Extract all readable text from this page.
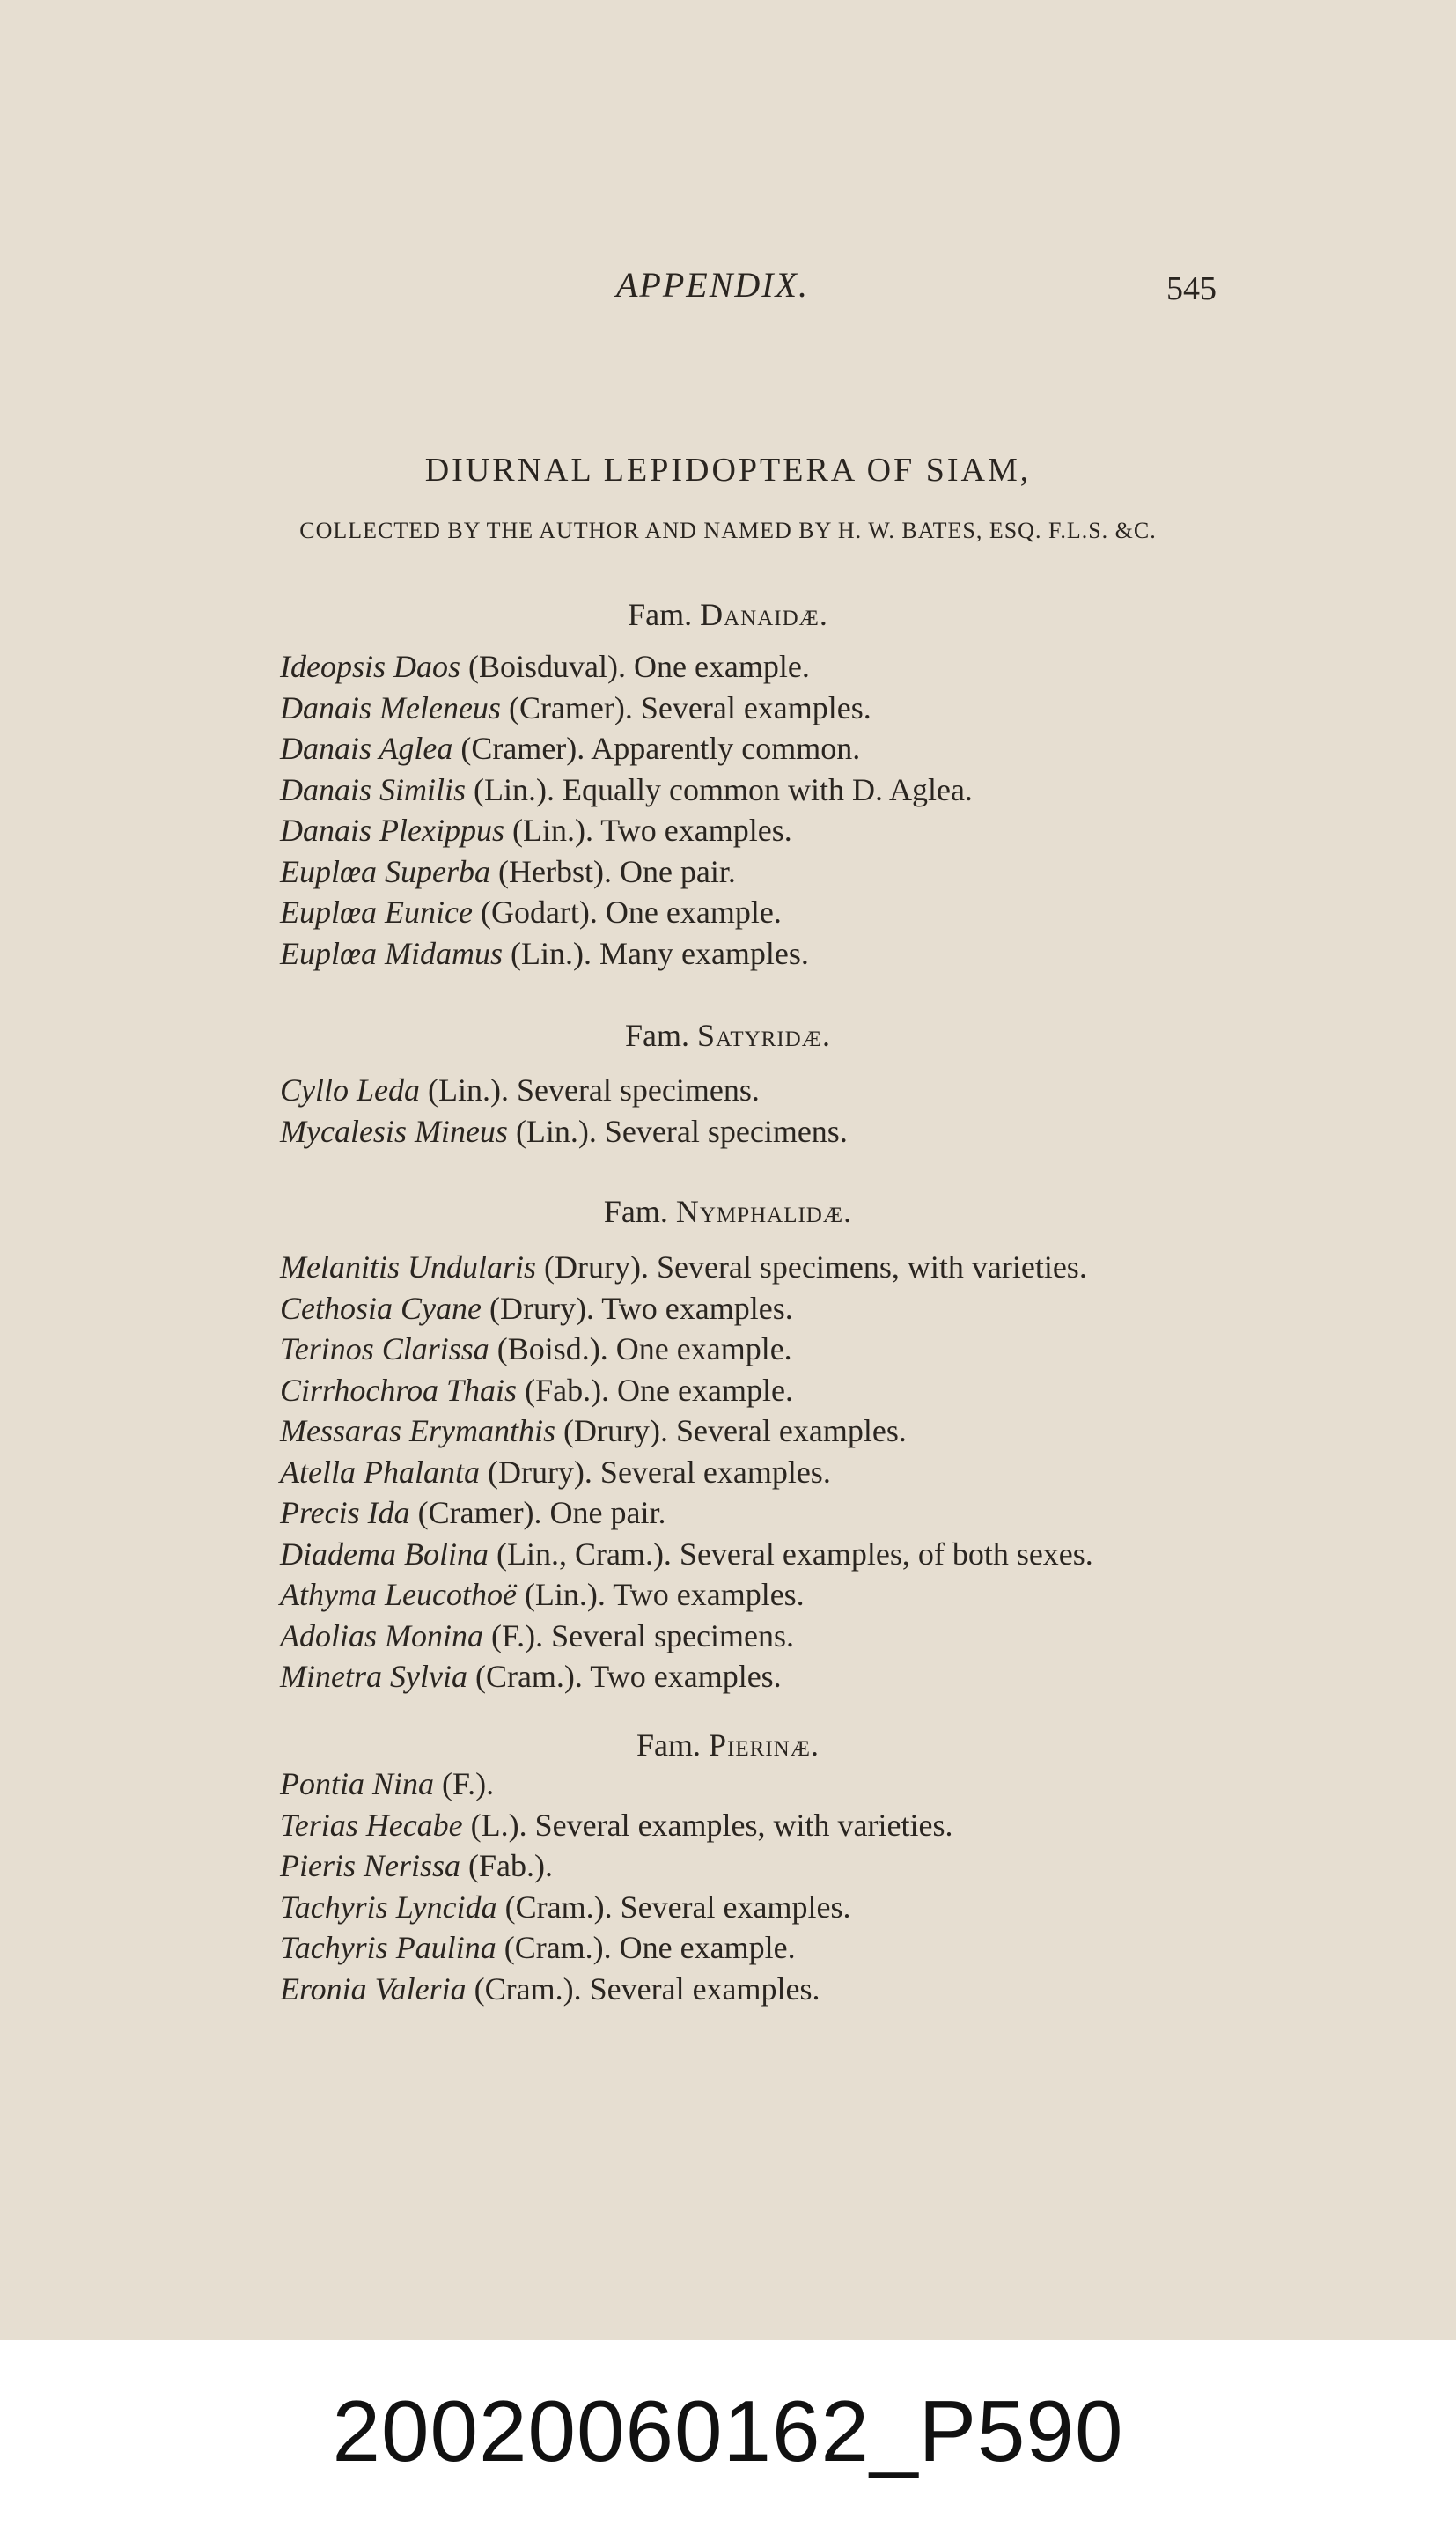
APPENDIX.	545
DIURNAL LEPIDOPTERA OF SIAM,
COLLECTED BY THE AUTHOR AND NAMED BY H. W. BATES, ESQ. F.L.S. &C.
Fam. Danaidæ.
Ideopsis Daos (Boisduval). One example.
Danais Meleneus (Cramer). Several examples.
Danais Aglea (Cramer). Apparently common.
Danais Similis (Lin.). Equally common with D. Aglea.
Danais Plexippus (Lin.). Two examples.
Euplœa Superba (Herbst). One pair.
Euplœa Eunice (Godart). One example.
Euplœa Midamus (Lin.). Many examples.
Fam. Satyridæ.
Cyllo Leda (Lin.). Several specimens.
Mycalesis Mineus (Lin.). Several specimens.
Fam. Nymphalidæ.
Melanitis Undularis (Drury). Several specimens, with varieties.
Cethosia Cyane (Drury). Two examples.
Terinos Clarissa (Boisd.). One example.
Cirrhochroa Thais (Fab.). One example.
Messaras Erymanthis (Drury). Several examples.
Atella Phalanta (Drury). Several examples.
Precis Ida (Cramer). One pair.
Diadema Bolina (Lin., Cram.). Several examples, of both sexes.
Athyma Leucothoë (Lin.). Two examples.
Adolias Monina (F.). Several specimens.
Minetra Sylvia (Cram.). Two examples.
Fam. Pierinæ.
Pontia Nina (F.).
Terias Hecabe (L.). Several examples, with varieties.
Pieris Nerissa (Fab.).
Tachyris Lyncida (Cram.). Several examples.
Tachyris Paulina (Cram.). One example.
Eronia Valeria (Cram.). Several examples.
20020060162_P590
